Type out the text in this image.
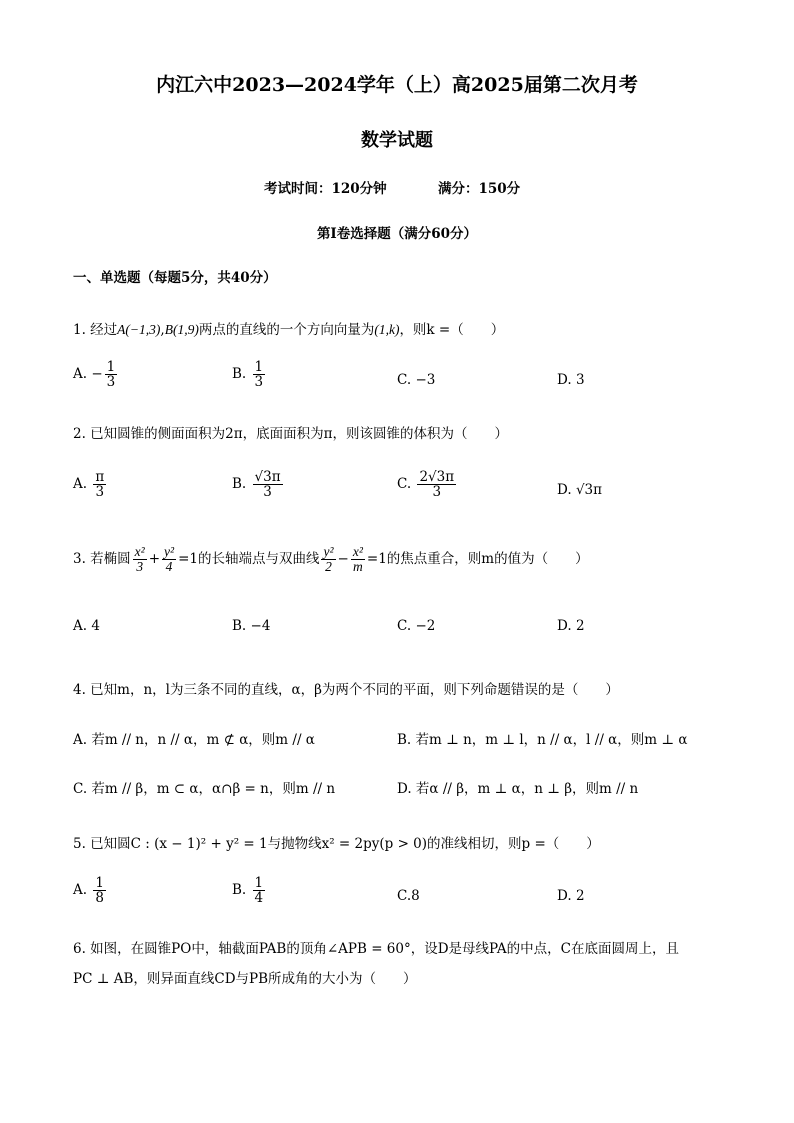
内江六中2023—2024学年（上）高2025届第二次月考
数学试题
考试时间：120分钟	满分：150分
第I卷选择题（满分60分）
一、单选题（每题5分，共40分）
1. 经过A(−1,3),B(1,9)两点的直线的一个方向向量为(1,k)，则k =（　　）
A. − $\frac{1}{3}$	B. $\frac{1}{3}$	C. −3	D. 3
2. 已知圆锥的侧面面积为2π，底面面积为π，则该圆锥的体积为（　　）
A. $\frac{\pi}{3}$	B. $\frac{√3\pi}{3}$	C. $\frac{2√3\pi}{3}$	D. √3π
3. 若椭圆 $\frac{\text{x²}}{3} + \frac{\text{y²}}{4} =1$的长轴端点与双曲线 $\frac{\text{y²}}{2} - \frac{\text{x²}}{m} =1$的焦点重合，则m的值为（　　）
A. 4	B. −4	C. −2	D. 2
4. 已知m，n，l为三条不同的直线，α，β为两个不同的平面，则下列命题错误的是（　　）
A. 若m // n，n // α，m ⊄ α，则m // α	B. 若m ⊥ n，m ⊥ l，n // α，l // α，则m ⊥ α
C. 若m // β，m ⊂ α，α∩β = n，则m // n	D. 若α // β，m ⊥ α，n ⊥ β，则m // n
5. 已知圆C : (x − 1)² + y² = 1与抛物线x² = 2py(p > 0)的准线相切，则p =（　　）
A. $\frac{1}{8}$	B. $\frac{1}{4}$	C.8	D. 2
6. 如图，在圆锥PO中，轴截面PAB的顶角∠APB = 60°，设D是母线PA的中点，C在底面圆周上，且
PC ⊥ AB，则异面直线CD与PB所成角的大小为（　　）
